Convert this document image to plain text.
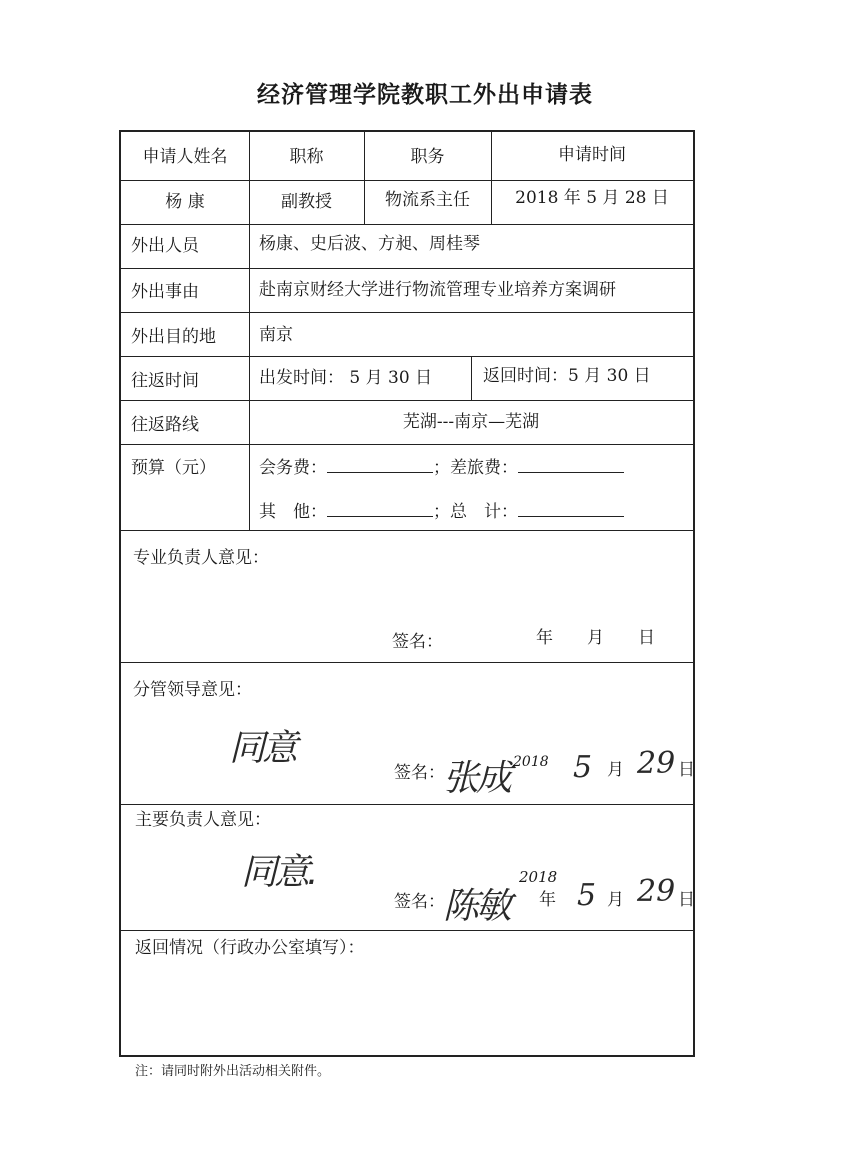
经济管理学院教职工外出申请表
申请人姓名	职称	职务	申请时间
杨 康	副教授	物流系主任	2018 年 5 月 28 日
外出人员	杨康、史后波、方昶、周桂琴
外出事由	赴南京财经大学进行物流管理专业培养方案调研
外出目的地	南京
往返时间	出发时间： 5 月 30 日	返回时间：5 月 30 日
往返路线	芜湖---南京—芜湖
预算（元）	会务费：	；差旅费：
其　他：	；总　计：
专业负责人意见：
签名：	年　　月　　日
分管领导意见：
同意
签名：
张成 2018 5 月 29 日
主要负责人意见：
同意.
签名：
陈敏
2018
年 5 月 29 日
返回情况（行政办公室填写）：
注：请同时附外出活动相关附件。
